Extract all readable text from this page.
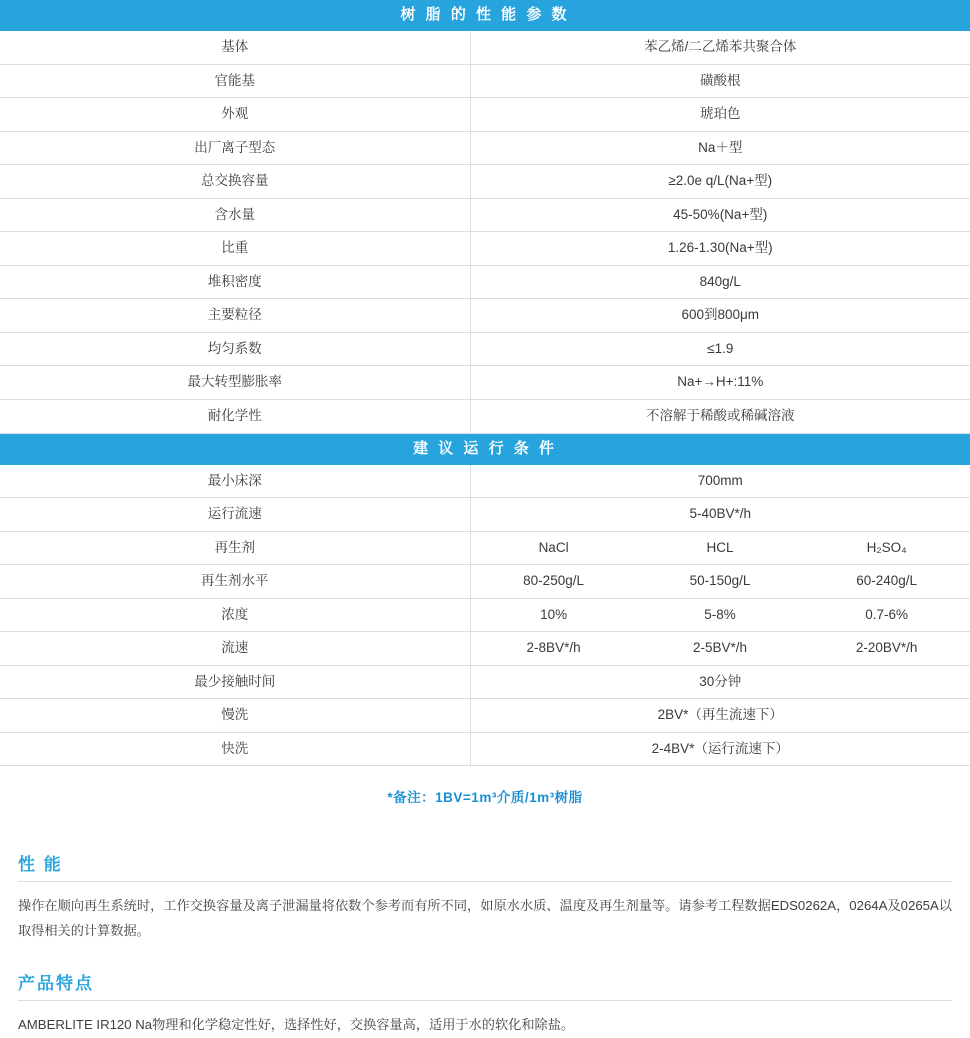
树 脂 的 性 能 参 数
基体	苯乙烯/二乙烯苯共聚合体
官能基	磺酸根
外观	琥珀色
出厂离子型态	Na＋型
总交换容量	≥2.0e q/L(Na+型)
含水量	45-50%(Na+型)
比重	1.26-1.30(Na+型)
堆积密度	840g/L
主要粒径	600到800μm
均匀系数	≤1.9
最大转型膨胀率	Na+→H+:11%
耐化学性	不溶解于稀酸或稀碱溶液
建 议 运 行 条 件
最小床深	700mm		
运行流速	5-40BV*/h		
再生剂	NaCl	HCL	H₂SO₄
再生剂水平	80-250g/L	50-150g/L	60-240g/L
浓度	10%	5-8%	0.7-6%
流速	2-8BV*/h	2-5BV*/h	2-20BV*/h
最少接触时间	30分钟		
慢洗	2BV*（再生流速下）		
快洗	2-4BV*（运行流速下）		
*备注：1BV=1m³介质/1m³树脂
性 能
操作在顺向再生系统时，工作交换容量及离子泄漏量将依数个参考而有所不同，如原水水质、温度及再生剂量等。请参考工程数据EDS0262A，0264A及0265A以取得相关的计算数据。
产品特点
AMBERLITE IR120 Na物理和化学稳定性好，选择性好，交换容量高，适用于水的软化和除盐。
